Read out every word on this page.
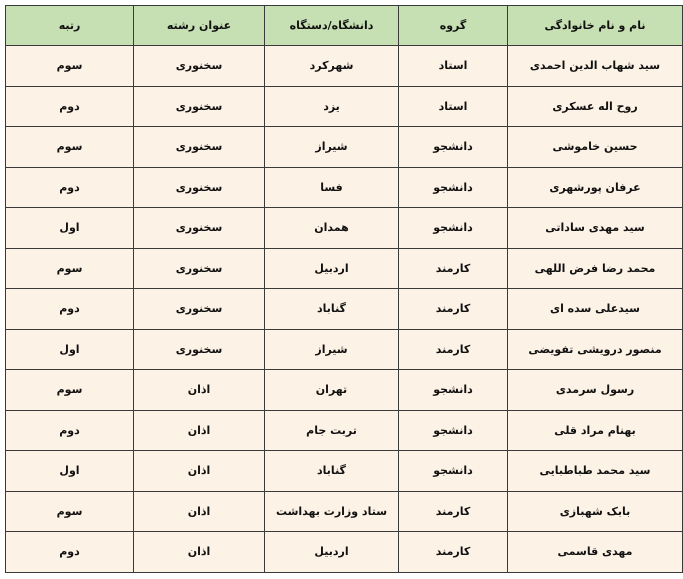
نام و نام خانوادگی	گروه	دانشگاه/دستگاه	عنوان رشته	رتبه
سید شهاب الدین احمدی	استاد	شهرکرد	سخنوری	سوم
روح اله عسکری	استاد	یزد	سخنوری	دوم
حسین خاموشی	دانشجو	شیراز	سخنوری	سوم
عرفان پورشهری	دانشجو	فسا	سخنوری	دوم
سید مهدی ساداتی	دانشجو	همدان	سخنوری	اول
محمد رضا فرض اللهی	کارمند	اردبیل	سخنوری	سوم
سیدعلی سده ای	کارمند	گناباد	سخنوری	دوم
منصور درویشی تفویضی	کارمند	شیراز	سخنوری	اول
رسول سرمدی	دانشجو	تهران	اذان	سوم
بهنام مراد قلی	دانشجو	تربت جام	اذان	دوم
سید محمد طباطبایی	دانشجو	گناباد	اذان	اول
بابک شهبازی	کارمند	ستاد وزارت بهداشت	اذان	سوم
مهدی قاسمی	کارمند	اردبیل	اذان	دوم
